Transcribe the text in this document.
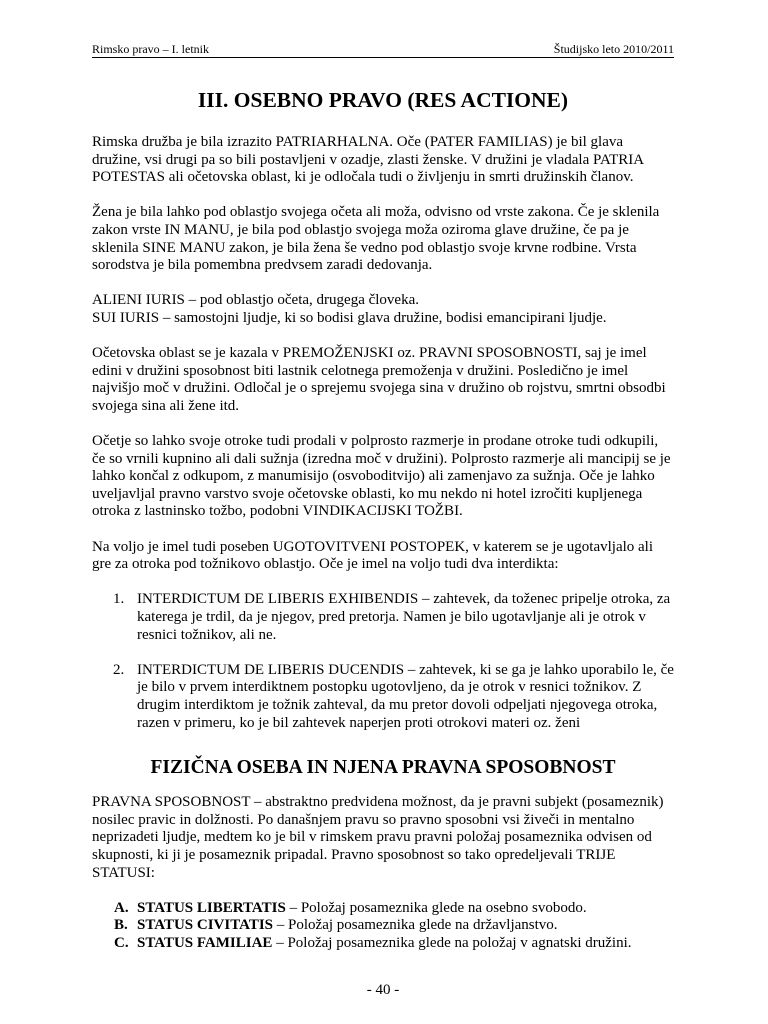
Rimsko pravo – I. letnik	Študijsko leto 2010/2011
III. OSEBNO PRAVO (RES ACTIONE)

Rimska družba je bila izrazito PATRIARHALNA. Oče (PATER FAMILIAS) je bil glava družine, vsi drugi pa so bili postavljeni v ozadje, zlasti ženske. V družini je vladala PATRIA POTESTAS ali očetovska oblast, ki je odločala tudi o življenju in smrti družinskih članov.

Žena je bila lahko pod oblastjo svojega očeta ali moža, odvisno od vrste zakona. Če je sklenila zakon vrste IN MANU, je bila pod oblastjo svojega moža oziroma glave družine, če pa je sklenila SINE MANU zakon, je bila žena še vedno pod oblastjo svoje krvne rodbine. Vrsta sorodstva je bila pomembna predvsem zaradi dedovanja.

ALIENI IURIS – pod oblastjo očeta, drugega človeka.
SUI IURIS – samostojni ljudje, ki so bodisi glava družine, bodisi emancipirani ljudje.

Očetovska oblast se je kazala v PREMOŽENJSKI oz. PRAVNI SPOSOBNOSTI, saj je imel edini v družini sposobnost biti lastnik celotnega premoženja v družini. Posledično je imel najvišjo moč v družini. Odločal je o sprejemu svojega sina v družino ob rojstvu, smrtni obsodbi svojega sina ali žene itd.

Očetje so lahko svoje otroke tudi prodali v polprosto razmerje in prodane otroke tudi odkupili, če so vrnili kupnino ali dali sužnja (izredna moč v družini). Polprosto razmerje ali mancipij se je lahko končal z odkupom, z manumisijo (osvoboditvijo) ali zamenjavo za sužnja. Oče je lahko uveljavljal pravno varstvo svoje očetovske oblasti, ko mu nekdo ni hotel izročiti kupljenega otroka z lastninsko tožbo, podobni VINDIKACIJSKI TOŽBI.

Na voljo je imel tudi poseben UGOTOVITVENI POSTOPEK, v katerem se je ugotavljalo ali gre za otroka pod tožnikovo oblastjo. Oče je imel na voljo tudi dva interdikta:

1. INTERDICTUM DE LIBERIS EXHIBENDIS – zahtevek, da toženec pripelje otroka, za katerega je trdil, da je njegov, pred pretorja. Namen je bilo ugotavljanje ali je otrok v resnici tožnikov, ali ne.
2. INTERDICTUM DE LIBERIS DUCENDIS – zahtevek, ki se ga je lahko uporabilo le, če je bilo v prvem interdiktnem postopku ugotovljeno, da je otrok v resnici tožnikov. Z drugim interdiktom je tožnik zahteval, da mu pretor dovoli odpeljati njegovega otroka, razen v primeru, ko je bil zahtevek naperjen proti otrokovi materi oz. ženi
FIZIČNA OSEBA IN NJENA PRAVNA SPOSOBNOST

PRAVNA SPOSOBNOST – abstraktno predvidena možnost, da je pravni subjekt (posameznik) nosilec pravic in dolžnosti. Po današnjem pravu so pravno sposobni vsi živeči in mentalno neprizadeti ljudje, medtem ko je bil v rimskem pravu pravni položaj posameznika odvisen od skupnosti, ki ji je posameznik pripadal. Pravno sposobnost so tako opredeljevali TRIJE STATUSI:

A. STATUS LIBERTATIS – Položaj posameznika glede na osebno svobodo.
B. STATUS CIVITATIS – Položaj posameznika glede na državljanstvo.
C. STATUS FAMILIAE – Položaj posameznika glede na položaj v agnatski družini.
- 40 -
